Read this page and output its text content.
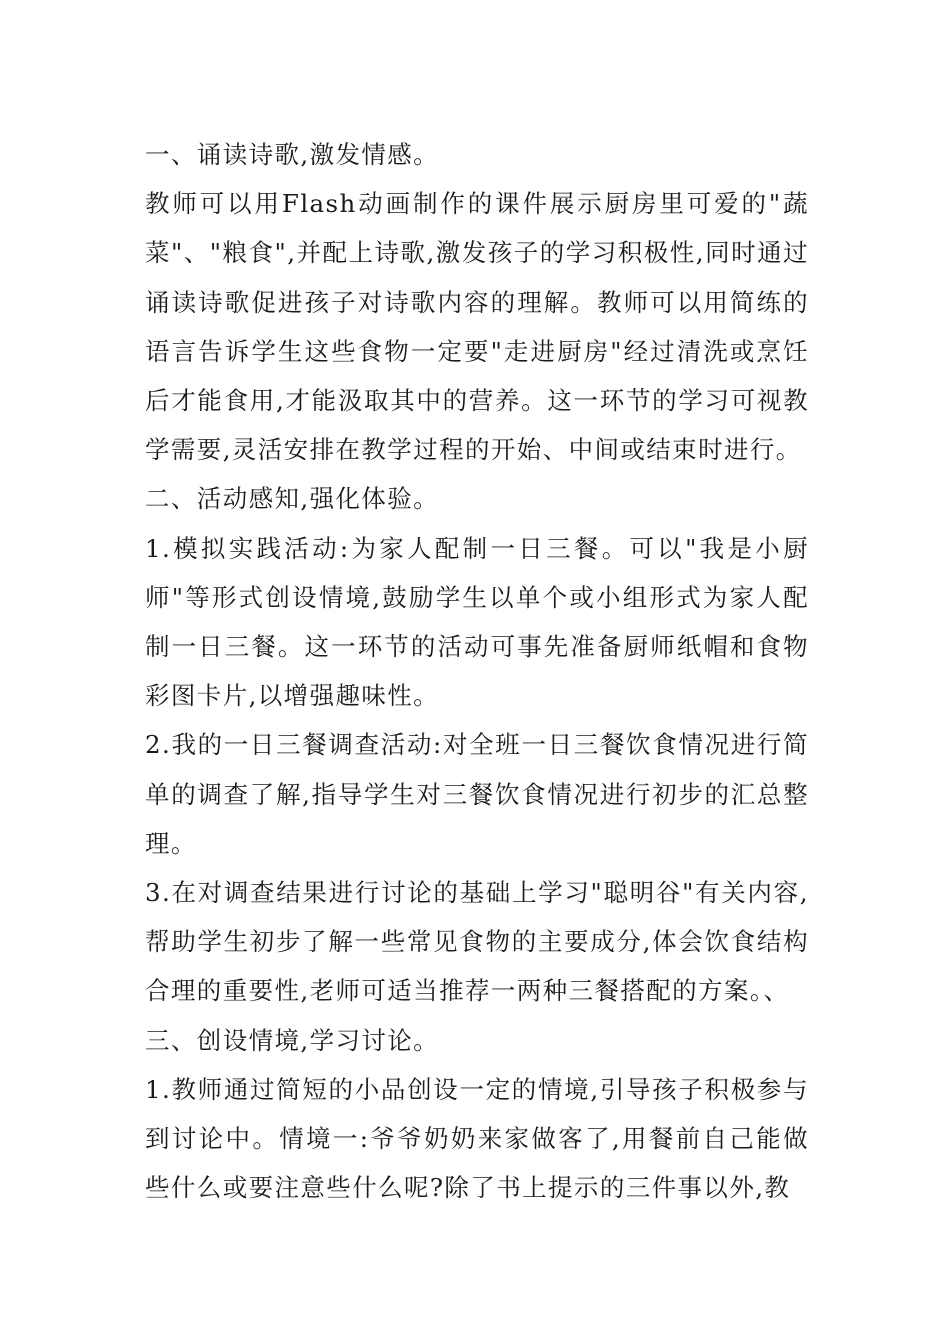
一、诵读诗歌,激发情感。

教师可以用Flash动画制作的课件展示厨房里可爱的"蔬菜"、"粮食",并配上诗歌,激发孩子的学习积极性,同时通过诵读诗歌促进孩子对诗歌内容的理解。教师可以用简练的语言告诉学生这些食物一定要"走进厨房"经过清洗或烹饪后才能食用,才能汲取其中的营养。这一环节的学习可视教学需要,灵活安排在教学过程的开始、中间或结束时进行。

二、活动感知,强化体验。

1.模拟实践活动:为家人配制一日三餐。可以"我是小厨师"等形式创设情境,鼓励学生以单个或小组形式为家人配制一日三餐。这一环节的活动可事先准备厨师纸帽和食物彩图卡片,以增强趣味性。

2.我的一日三餐调查活动:对全班一日三餐饮食情况进行简单的调查了解,指导学生对三餐饮食情况进行初步的汇总整理。

3.在对调查结果进行讨论的基础上学习"聪明谷"有关内容,帮助学生初步了解一些常见食物的主要成分,体会饮食结构合理的重要性,老师可适当推荐一两种三餐搭配的方案。、

三、创设情境,学习讨论。

1.教师通过简短的小品创设一定的情境,引导孩子积极参与到讨论中。情境一:爷爷奶奶来家做客了,用餐前自己能做些什么或要注意些什么呢?除了书上提示的三件事以外,教
